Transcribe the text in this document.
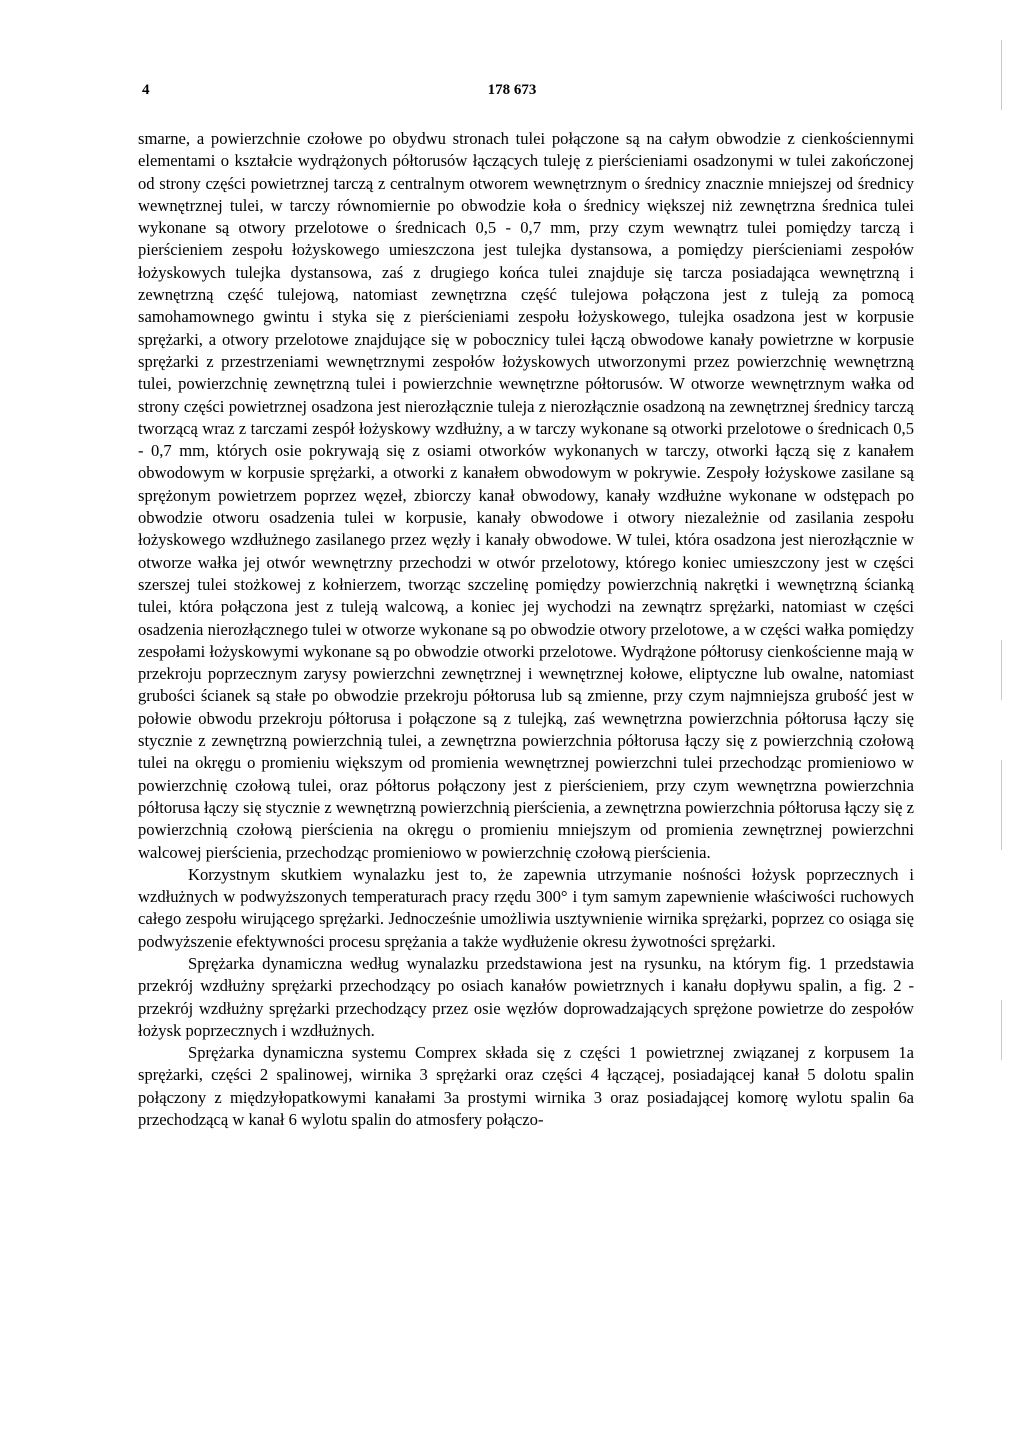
4	178 673

smarne, a powierzchnie czołowe po obydwu stronach tulei połączone są na całym obwodzie z cienkościennymi elementami o kształcie wydrążonych półtorusów łączących tuleję z pierścieniami osadzonymi w tulei zakończonej od strony części powietrznej tarczą z centralnym otworem wewnętrznym o średnicy znacznie mniejszej od średnicy wewnętrznej tulei, w tarczy równomiernie po obwodzie koła o średnicy większej niż zewnętrzna średnica tulei wykonane są otwory przelotowe o średnicach 0,5 - 0,7 mm, przy czym wewnątrz tulei pomiędzy tarczą i pierścieniem zespołu łożyskowego umieszczona jest tulejka dystansowa, a pomiędzy pierścieniami zespołów łożyskowych tulejka dystansowa, zaś z drugiego końca tulei znajduje się tarcza posiadająca wewnętrzną i zewnętrzną część tulejową, natomiast zewnętrzna część tulejowa połączona jest z tuleją za pomocą samohamownego gwintu i styka się z pierścieniami zespołu łożyskowego, tulejka osadzona jest w korpusie sprężarki, a otwory przelotowe znajdujące się w pobocznicy tulei łączą obwodowe kanały powietrzne w korpusie sprężarki z przestrzeniami wewnętrznymi zespołów łożyskowych utworzonymi przez powierzchnię wewnętrzną tulei, powierzchnię zewnętrzną tulei i powierzchnie wewnętrzne półtorusów. W otworze wewnętrznym wałka od strony części powietrznej osadzona jest nierozłącznie tuleja z nierozłącznie osadzoną na zewnętrznej średnicy tarczą tworzącą wraz z tarczami zespół łożyskowy wzdłużny, a w tarczy wykonane są otworki przelotowe o średnicach 0,5 - 0,7 mm, których osie pokrywają się z osiami otworków wykonanych w tarczy, otworki łączą się z kanałem obwodowym w korpusie sprężarki, a otworki z kanałem obwodowym w pokrywie. Zespoły łożyskowe zasilane są sprężonym powietrzem poprzez węzeł, zbiorczy kanał obwodowy, kanały wzdłużne wykonane w odstępach po obwodzie otworu osadzenia tulei w korpusie, kanały obwodowe i otwory niezależnie od zasilania zespołu łożyskowego wzdłużnego zasilanego przez węzły i kanały obwodowe. W tulei, która osadzona jest nierozłącznie w otworze wałka jej otwór wewnętrzny przechodzi w otwór przelotowy, którego koniec umieszczony jest w części szerszej tulei stożkowej z kołnierzem, tworząc szczelinę pomiędzy powierzchnią nakrętki i wewnętrzną ścianką tulei, która połączona jest z tuleją walcową, a koniec jej wychodzi na zewnątrz sprężarki, natomiast w części osadzenia nierozłącznego tulei w otworze wykonane są po obwodzie otwory przelotowe, a w części wałka pomiędzy zespołami łożyskowymi wykonane są po obwodzie otworki przelotowe. Wydrążone półtorusy cienkościenne mają w przekroju poprzecznym zarysy powierzchni zewnętrznej i wewnętrznej kołowe, eliptyczne lub owalne, natomiast grubości ścianek są stałe po obwodzie przekroju półtorusa lub są zmienne, przy czym najmniejsza grubość jest w połowie obwodu przekroju półtorusa i połączone są z tulejką, zaś wewnętrzna powierzchnia półtorusa łączy się stycznie z zewnętrzną powierzchnią tulei, a zewnętrzna powierzchnia półtorusa łączy się z powierzchnią czołową tulei na okręgu o promieniu większym od promienia wewnętrznej powierzchni tulei przechodząc promieniowo w powierzchnię czołową tulei, oraz półtorus połączony jest z pierścieniem, przy czym wewnętrzna powierzchnia półtorusa łączy się stycznie z wewnętrzną powierzchnią pierścienia, a zewnętrzna powierzchnia półtorusa łączy się z powierzchnią czołową pierścienia na okręgu o promieniu mniejszym od promienia zewnętrznej powierzchni walcowej pierścienia, przechodząc promieniowo w powierzchnię czołową pierścienia.

Korzystnym skutkiem wynalazku jest to, że zapewnia utrzymanie nośności łożysk poprzecznych i wzdłużnych w podwyższonych temperaturach pracy rzędu 300° i tym samym zapewnienie właściwości ruchowych całego zespołu wirującego sprężarki. Jednocześnie umożliwia usztywnienie wirnika sprężarki, poprzez co osiąga się podwyższenie efektywności procesu sprężania a także wydłużenie okresu żywotności sprężarki.

Sprężarka dynamiczna według wynalazku przedstawiona jest na rysunku, na którym fig. 1 przedstawia przekrój wzdłużny sprężarki przechodzący po osiach kanałów powietrznych i kanału dopływu spalin, a fig. 2 - przekrój wzdłużny sprężarki przechodzący przez osie węzłów doprowadzających sprężone powietrze do zespołów łożysk poprzecznych i wzdłużnych.

Sprężarka dynamiczna systemu Comprex składa się z części 1 powietrznej związanej z korpusem 1a sprężarki, części 2 spalinowej, wirnika 3 sprężarki oraz części 4 łączącej, posiadającej kanał 5 dolotu spalin połączony z międzyłopatkowymi kanałami 3a prostymi wirnika 3 oraz posiadającej komorę wylotu spalin 6a przechodzącą w kanał 6 wylotu spalin do atmosfery połączo-
